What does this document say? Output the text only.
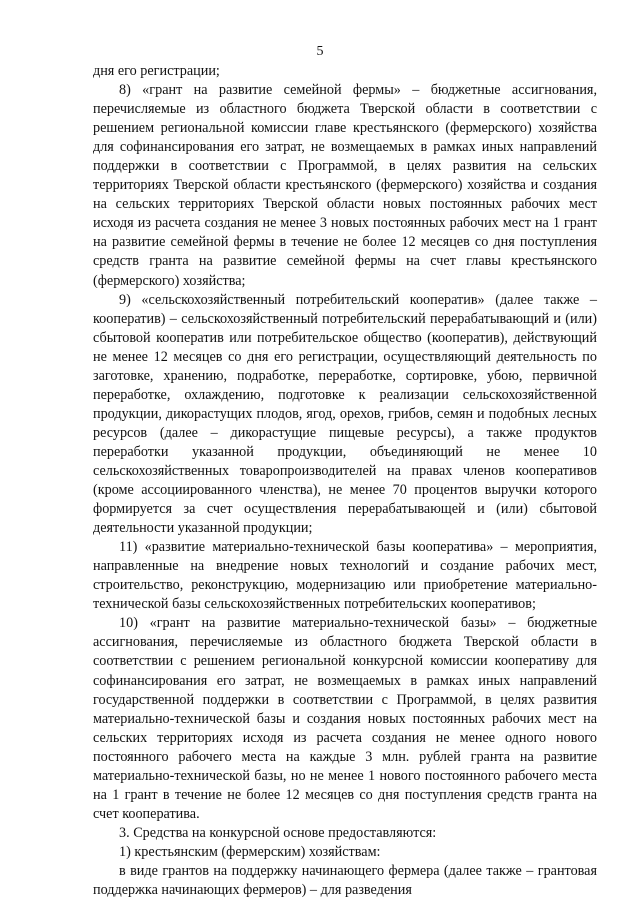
5

дня его регистрации;

8) «грант на развитие семейной фермы» – бюджетные ассигнования, перечисляемые из областного бюджета Тверской области в соответствии с решением региональной комиссии главе крестьянского (фермерского) хозяйства для софинансирования его затрат, не возмещаемых в рамках иных направлений поддержки в соответствии с Программой, в целях развития на сельских территориях Тверской области крестьянского (фермерского) хозяйства и создания на сельских территориях Тверской области новых постоянных рабочих мест исходя из расчета создания не менее 3 новых постоянных рабочих мест на 1 грант на развитие семейной фермы в течение не более 12 месяцев со дня поступления средств гранта на развитие семейной фермы на счет главы крестьянского (фермерского) хозяйства;

9) «сельскохозяйственный потребительский кооператив» (далее также – кооператив) – сельскохозяйственный потребительский перерабатывающий и (или) сбытовой кооператив или потребительское общество (кооператив), действующий не менее 12 месяцев со дня его регистрации, осуществляющий деятельность по заготовке, хранению, подработке, переработке, сортировке, убою, первичной переработке, охлаждению, подготовке к реализации сельскохозяйственной продукции, дикорастущих плодов, ягод, орехов, грибов, семян и подобных лесных ресурсов (далее – дикорастущие пищевые ресурсы), а также продуктов переработки указанной продукции, объединяющий не менее 10 сельскохозяйственных товаропроизводителей на правах членов кооперативов (кроме ассоциированного членства), не менее 70 процентов выручки которого формируется за счет осуществления перерабатывающей и (или) сбытовой деятельности указанной продукции;

11) «развитие материально-технической базы кооператива» – мероприятия, направленные на внедрение новых технологий и создание рабочих мест, строительство, реконструкцию, модернизацию или приобретение материально-технической базы сельскохозяйственных потребительских кооперативов;

10) «грант на развитие материально-технической базы» – бюджетные ассигнования, перечисляемые из областного бюджета Тверской области в соответствии с решением региональной конкурсной комиссии кооперативу для софинансирования его затрат, не возмещаемых в рамках иных направлений государственной поддержки в соответствии с Программой, в целях развития материально-технической базы и создания новых постоянных рабочих мест на сельских территориях исходя из расчета создания не менее одного нового постоянного рабочего места на каждые 3 млн. рублей гранта на развитие материально-технической базы, но не менее 1 нового постоянного рабочего места на 1 грант в течение не более 12 месяцев со дня поступления средств гранта на счет кооператива.

3. Средства на конкурсной основе предоставляются:

1) крестьянским (фермерским) хозяйствам:

в виде грантов на поддержку начинающего фермера (далее также – грантовая поддержка начинающих фермеров) – для разведения
